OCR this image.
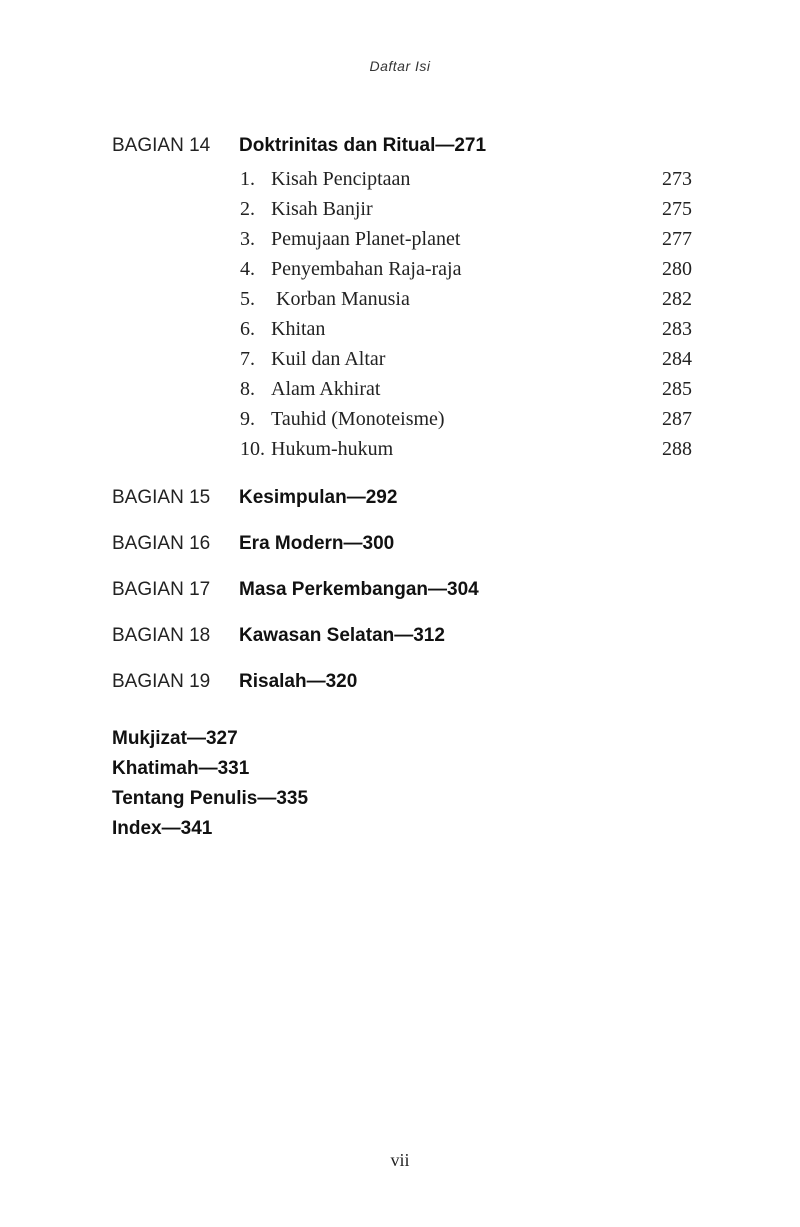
Daftar Isi
BAGIAN 14 Doktrinitas dan Ritual—271
1. Kisah Penciptaan	273
2. Kisah Banjir	275
3. Pemujaan Planet-planet	277
4. Penyembahan Raja-raja	280
5. Korban Manusia	282
6. Khitan	283
7. Kuil dan Altar	284
8. Alam Akhirat	285
9. Tauhid (Monoteisme)	287
10. Hukum-hukum	288
BAGIAN 15 Kesimpulan—292
BAGIAN 16 Era Modern—300
BAGIAN 17 Masa Perkembangan—304
BAGIAN 18 Kawasan Selatan—312
BAGIAN 19 Risalah—320
Mukjizat—327
Khatimah—331
Tentang Penulis—335
Index—341
vii
